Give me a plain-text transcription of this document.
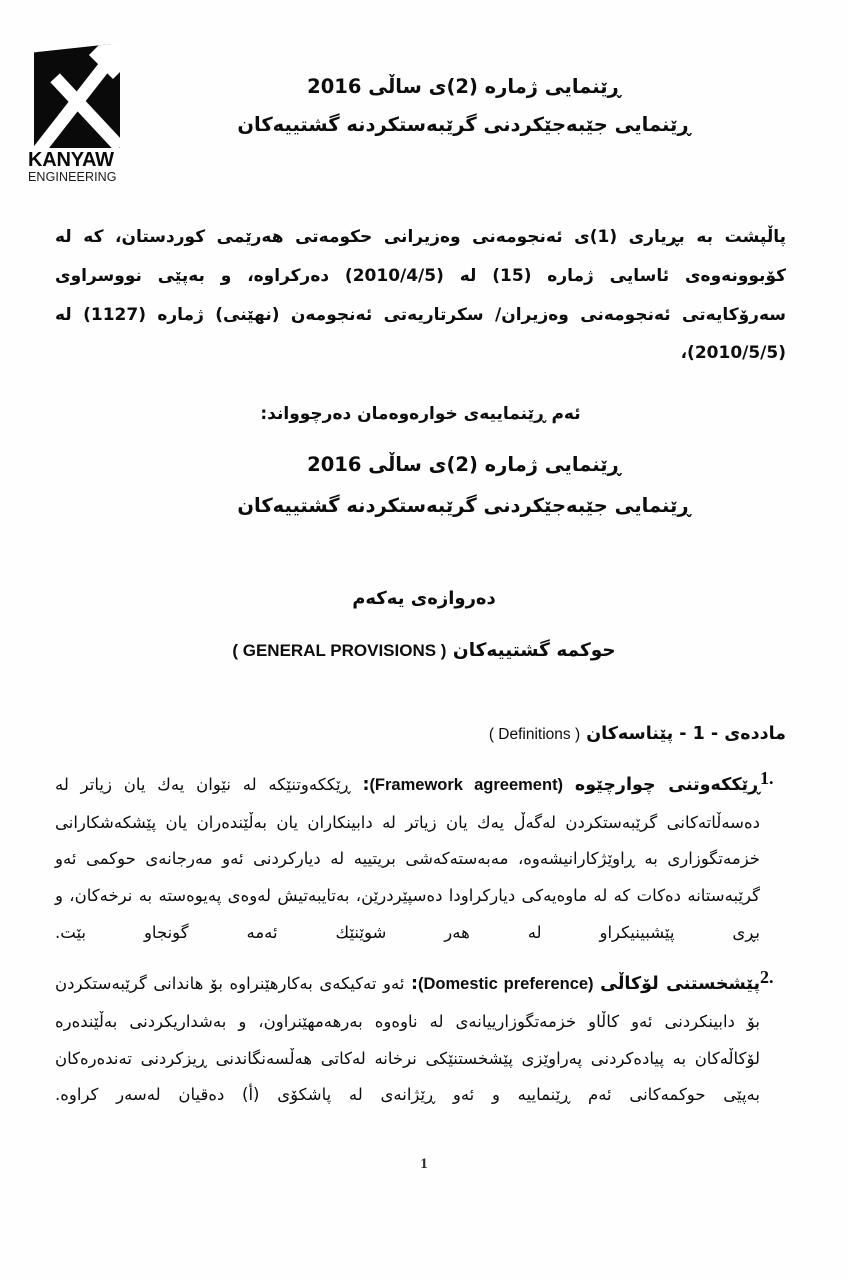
KANYAW
ENGINEERING
ڕێنمایی ژماره (2)ی ساڵی 2016
ڕێنمایی جێبه‌جێکردنی گرێبه‌ستکردنه گشتییه‌کان
پاڵپشت به بڕیاری (1)ی ئه‌نجومه‌نی وه‌زیرانی حکومه‌تی هه‌رێمی کوردستان، که له کۆبوونه‌وه‌ی ئاسایی ژماره (15) له (2010/4/5) ده‌رکراوه، و به‌پێی نووسراوی سه‌رۆکایه‌تی ئه‌نجومه‌نی وه‌زیران/ سکرتاریه‌تی ئه‌نجومه‌ن (نهێنی) ژماره (1127) له (2010/5/5)،
ئه‌م ڕێنماییه‌ی خواره‌وه‌مان ده‌رچوواند:
ڕێنمایی ژماره (2)ی ساڵی 2016
ڕێنمایی جێبه‌جێکردنی گرێبه‌ستکردنه گشتییه‌کان
ده‌روازه‌ی یه‌که‌م
حوکمه گشتییه‌کان ( GENERAL PROVISIONS )
ماددەی - 1 - پێناسه‌کان ( Definitions )
1.
ڕێککه‌وتنی چوارچێوه (Framework agreement): ڕێککه‌وتنێکه له نێوان یه‌ك یان زیاتر له ده‌سه‌ڵاته‌کانی گرێبه‌ستکردن له‌گه‌ڵ یه‌ك یان زیاتر له دابینکاران یان به‌ڵێنده‌ران یان پێشکه‌شکارانی خزمه‌تگوزاری به ڕاوێژکارانیشه‌وه، مه‌به‌سته‌که‌شی بریتییه له دیارکردنی ئه‌و مه‌رجانه‌ی حوکمی ئه‌و گرێبه‌ستانه ده‌کات که له ماوه‌یه‌کی دیارکراودا ده‌سپێردرێن، به‌تایبه‌تیش له‌وه‌ی په‌یوه‌سته به نرخه‌کان، و بڕی پێشبینیکراو له هه‌ر شوێنێك ئه‌مه گونجاو بێت.
2.
پێشخستنی لۆکاڵی (Domestic preference): ئه‌و ته‌کیکه‌ی به‌کارهێنراوه بۆ هاندانی گرێبه‌ستکردن بۆ دابینکردنی ئه‌و کاڵاو خزمه‌تگوزارییانه‌ی له ناوه‌وه به‌رهه‌مهێنراون، و به‌شداریکردنی به‌ڵێنده‌ره لۆکاڵه‌کان به پیاده‌کردنی په‌راوێزی پێشخستنێکی نرخانه له‌کاتی هه‌ڵسه‌نگاندنی ڕیزکردنی ته‌نده‌ره‌کان به‌پێی حوکمه‌کانی ئه‌م ڕێنماییه و ئه‌و ڕێژانه‌ی له پاشکۆی (أ) ده‌قیان له‌سه‌ر کراوه.
1
